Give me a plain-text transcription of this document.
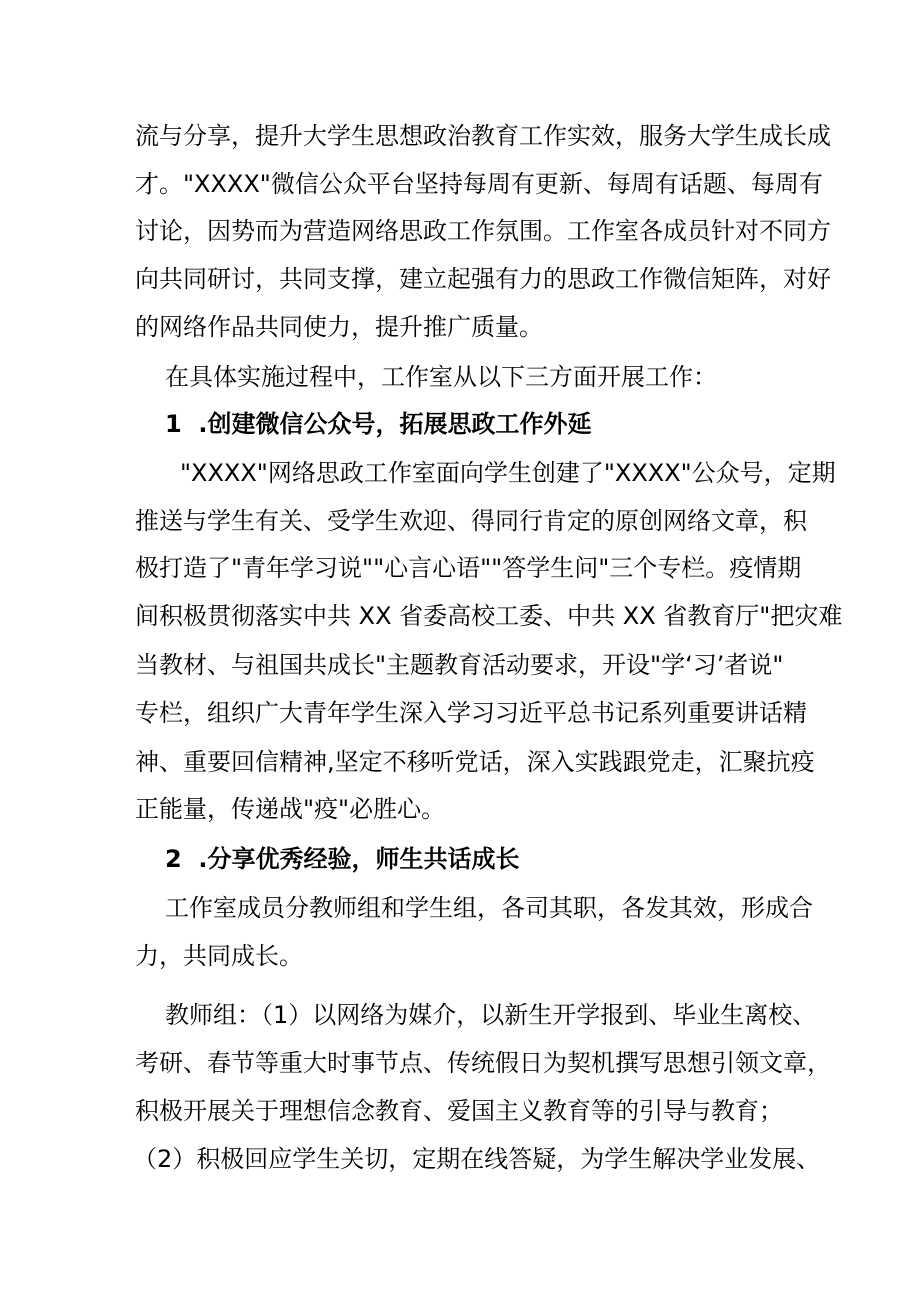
流与分享，提升大学生思想政治教育工作实效，服务大学生成长成
才。"XXXX"微信公众平台坚持每周有更新、每周有话题、每周有
讨论，因势而为营造网络思政工作氛围。工作室各成员针对不同方
向共同研讨，共同支撑，建立起强有力的思政工作微信矩阵，对好
的网络作品共同使力，提升推广质量。
在具体实施过程中，工作室从以下三方面开展工作：
1  .创建微信公众号，拓展思政工作外延
"XXXX"网络思政工作室面向学生创建了"XXXX"公众号，定期
推送与学生有关、受学生欢迎、得同行肯定的原创网络文章，积
极打造了"青年学习说""心言心语""答学生问"三个专栏。疫情期
间积极贯彻落实中共 XX 省委高校工委、中共 XX 省教育厅"把灾难
当教材、与祖国共成长"主题教育活动要求，开设"学‘习’者说"
专栏，组织广大青年学生深入学习习近平总书记系列重要讲话精
神、重要回信精神,坚定不移听党话，深入实践跟党走，汇聚抗疫
正能量，传递战"疫"必胜心。
2  .分享优秀经验，师生共话成长
工作室成员分教师组和学生组，各司其职，各发其效，形成合
力，共同成长。
教师组：（1）以网络为媒介，以新生开学报到、毕业生离校、
考研、春节等重大时事节点、传统假日为契机撰写思想引领文章，
积极开展关于理想信念教育、爱国主义教育等的引导与教育；
（2）积极回应学生关切，定期在线答疑，为学生解决学业发展、
